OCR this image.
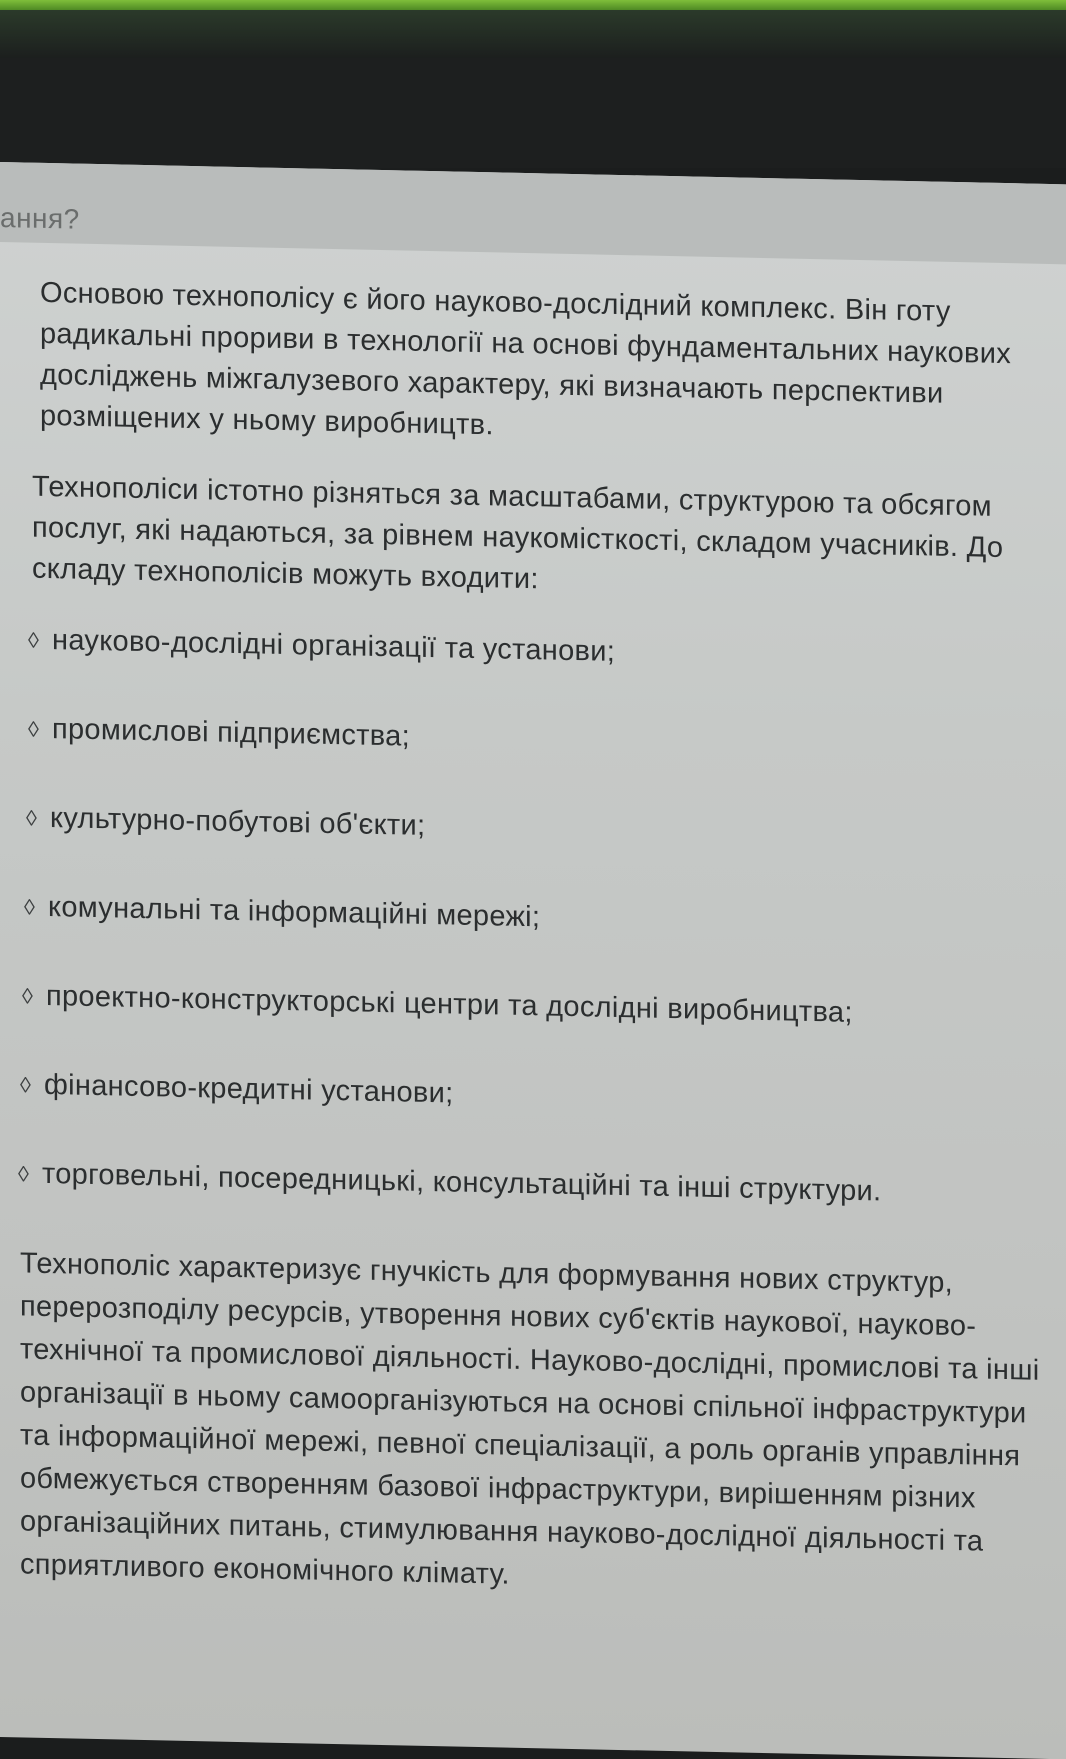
ання?

Основою технополісу є його науково-дослідний комплекс. Він готу радикальні прориви в технології на основі фундаментальних наукових досліджень міжгалузевого характеру, які визначають перспективи розміщених у ньому виробництв.

Технополіси істотно різняться за масштабами, структурою та обсягом послуг, які надаються, за рівнем наукомісткості, складом учасників. До складу технополісів можуть входити:

◊ науково-дослідні організації та установи;
◊ промислові підприємства;
◊ культурно-побутові об'єкти;
◊ комунальні та інформаційні мережі;
◊ проектно-конструкторські центри та дослідні виробництва;
◊ фінансово-кредитні установи;
◊ торговельні, посередницькі, консультаційні та інші структури.

Технополіс характеризує гнучкість для формування нових структур, перерозподілу ресурсів, утворення нових суб'єктів наукової, науково-технічної та промислової діяльності. Науково-дослідні, промислові та інші організації в ньому самоорганізуються на основі спільної інфраструктури та інформаційної мережі, певної спеціалізації, а роль органів управління обмежується створенням базової інфраструктури, вирішенням різних організаційних питань, стимулювання науково-дослідної діяльності та сприятливого економічного клімату.
